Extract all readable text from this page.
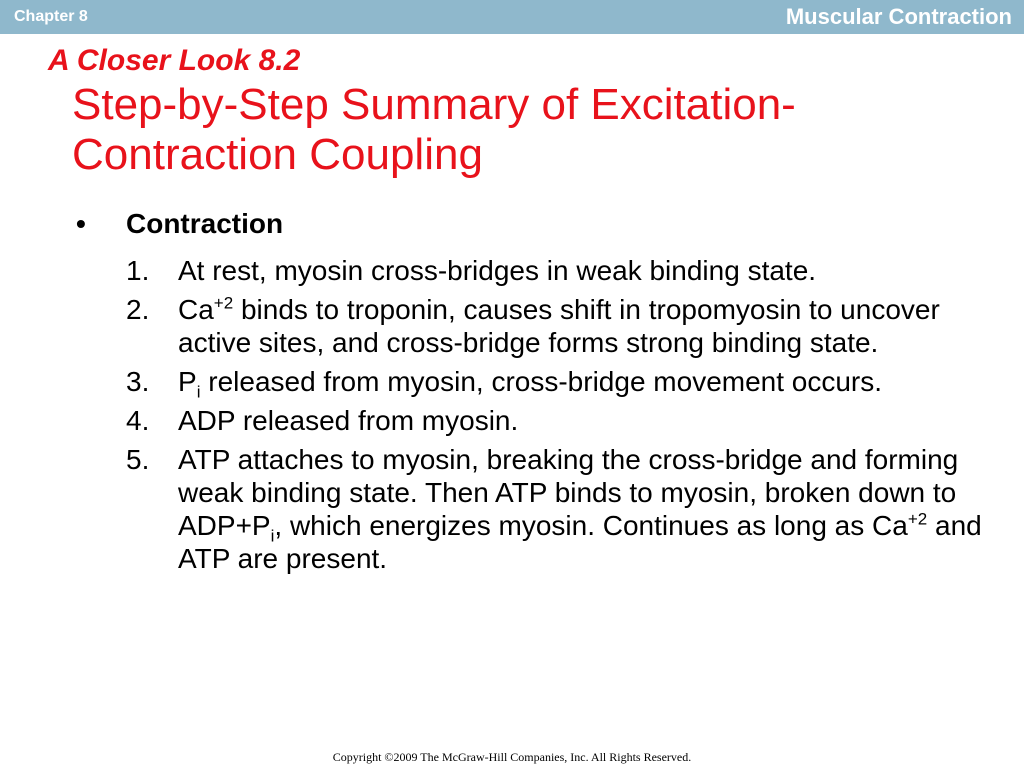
Chapter 8	Muscular Contraction
A Closer Look 8.2
Step-by-Step Summary of Excitation-Contraction Coupling
• Contraction
1. At rest, myosin cross-bridges in weak binding state.
2. $Ca^{+2}$ binds to troponin, causes shift in tropomyosin to uncover active sites, and cross-bridge forms strong binding state.
3. $P_i$ released from myosin, cross-bridge movement occurs.
4. ADP released from myosin.
5. ATP attaches to myosin, breaking the cross-bridge and forming weak binding state. Then ATP binds to myosin, broken down to $ADP+P_i$, which energizes myosin. Continues as long as $Ca^{+2}$ and ATP are present.
Copyright ©2009 The McGraw-Hill Companies, Inc. All Rights Reserved.
